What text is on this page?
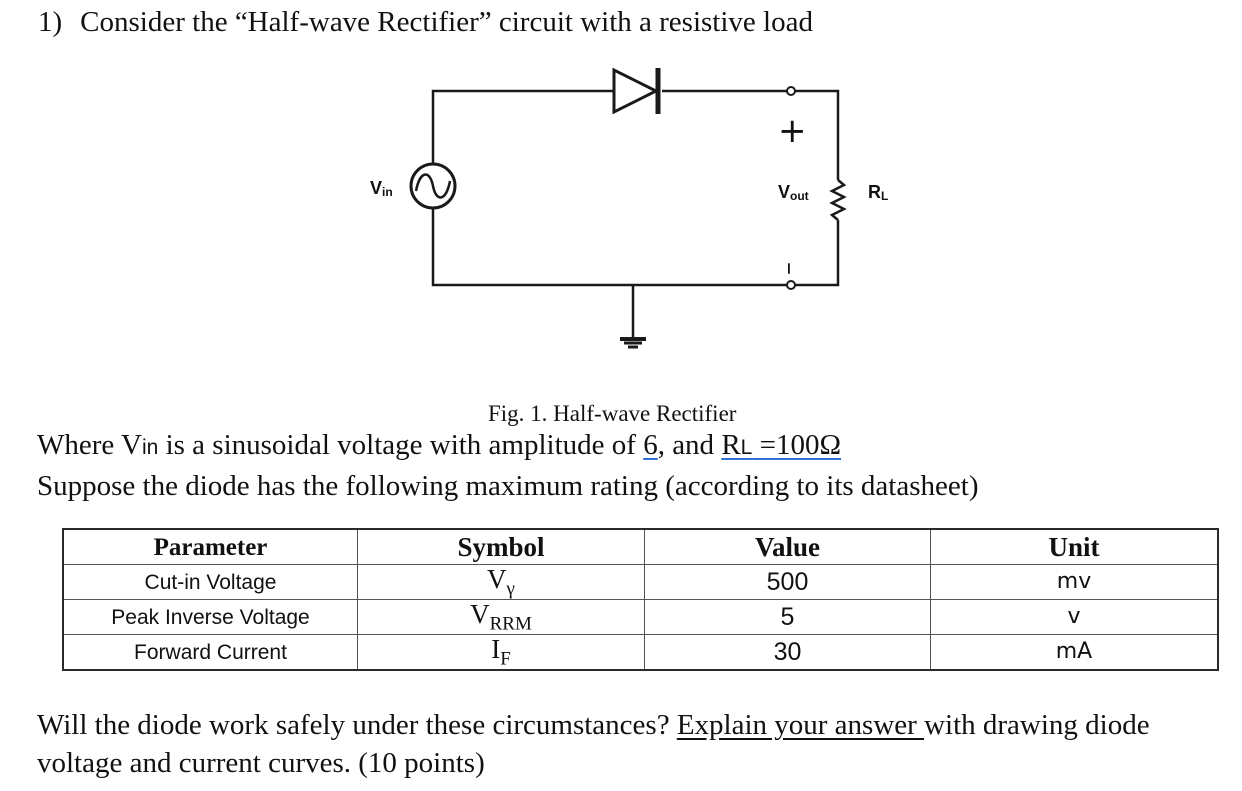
1) Consider the “Half-wave Rectifier” circuit with a resistive load
Vin	Vout	RL
+
–
Fig. 1. Half-wave Rectifier
Where Vin is a sinusoidal voltage with amplitude of 6, and RL =100Ω
Suppose the diode has the following maximum rating (according to its datasheet)
Parameter	Symbol	Value	Unit
Cut-in Voltage	$V_\gamma$	500	mv
Peak Inverse Voltage	$V_{RRM}$	5	v
Forward Current	$I_F$	30	mA
Will the diode work safely under these circumstances? Explain your answer with drawing diode voltage and current curves. (10 points)
